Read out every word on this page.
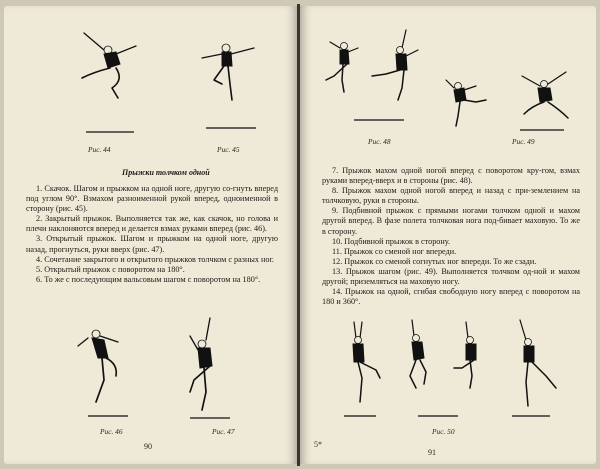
Рис. 44	Рис. 45
Прыжки толчком одной

1. Скачок. Шагом и прыжком на одной ноге, другую со-гнуть вперед под углом 90°. Взмахом разноименной рукой вперед, одноименной в сторону (рис. 45).

2. Закрытый прыжок. Выполняется так же, как скачок, но голова и плечи наклоняются вперед и делается взмах руками вперед (рис. 46).

3. Открытый прыжок. Шагом и прыжком на одной ноге, другую назад, прогнуться, руки вверх (рис. 47).

4. Сочетание закрытого и открытого прыжков толчком с разных ног.

5. Открытый прыжок с поворотом на 180°.

6. То же с последующим вальсовым шагом с поворотом на 180°.

Рис. 46	Рис. 47
90
Рис. 48	Рис. 49

7. Прыжок махом одной ногой вперед с поворотом кру-гом, взмах руками вперед-вверх и в стороны (рис. 48).

8. Прыжок махом одной ногой вперед и назад с при-землением на толчковую, руки в стороны.

9. Подбивной прыжок с прямыми ногами толчком одной и махом другой вперед. В фазе полета толчковая нога под-бивает маховую. То же в сторону.

10. Подбивной прыжок в сторону.

11. Прыжок со сменой ног впереди.

12. Прыжок со сменой согнутых ног впереди. То же сзади.

13. Прыжок шагом (рис. 49). Выполняется толчком од-ной и махом другой; приземляться на маховую ногу.

14. Прыжок на одной, сгибая свободную ногу вперед с поворотом на 180 и 360°.

Рис. 50
5*
91
